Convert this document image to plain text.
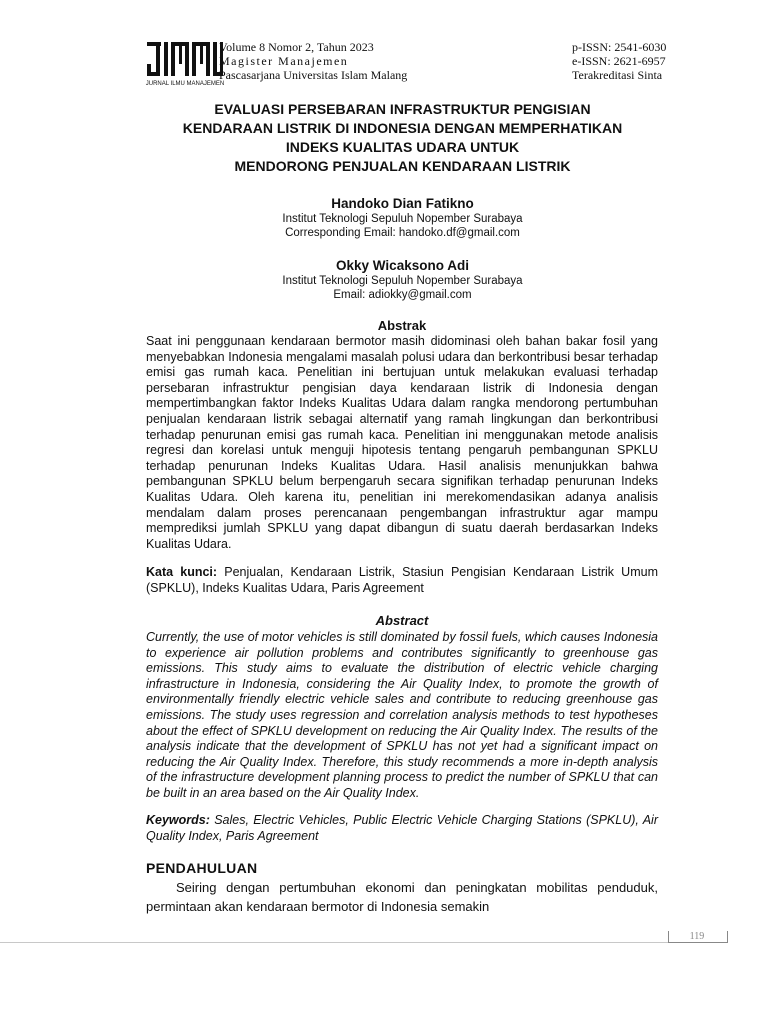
JURNAL ILMU MANAJEMEN
Volume 8 Nomor 2, Tahun 2023
Magister Manajemen
Pascasarjana Universitas Islam Malang
p-ISSN: 2541-6030
e-ISSN: 2621-6957
Terakreditasi Sinta
EVALUASI PERSEBARAN INFRASTRUKTUR PENGISIAN
KENDARAAN LISTRIK DI INDONESIA DENGAN MEMPERHATIKAN
INDEKS KUALITAS UDARA UNTUK
MENDORONG PENJUALAN KENDARAAN LISTRIK
Handoko Dian Fatikno
Institut Teknologi Sepuluh Nopember Surabaya
Corresponding Email: handoko.df@gmail.com
Okky Wicaksono Adi
Institut Teknologi Sepuluh Nopember Surabaya
Email: adiokky@gmail.com
Abstrak
Saat ini penggunaan kendaraan bermotor masih didominasi oleh bahan bakar fosil yang menyebabkan Indonesia mengalami masalah polusi udara dan berkontribusi besar terhadap emisi gas rumah kaca. Penelitian ini bertujuan untuk melakukan evaluasi terhadap persebaran infrastruktur pengisian daya kendaraan listrik di Indonesia dengan mempertimbangkan faktor Indeks Kualitas Udara dalam rangka mendorong pertumbuhan penjualan kendaraan listrik sebagai alternatif yang ramah lingkungan dan berkontribusi terhadap penurunan emisi gas rumah kaca. Penelitian ini menggunakan metode analisis regresi dan korelasi untuk menguji hipotesis tentang pengaruh pembangunan SPKLU terhadap penurunan Indeks Kualitas Udara. Hasil analisis menunjukkan bahwa pembangunan SPKLU belum berpengaruh secara signifikan terhadap penurunan Indeks Kualitas Udara. Oleh karena itu, penelitian ini merekomendasikan adanya analisis mendalam dalam proses perencanaan pengembangan infrastruktur agar mampu memprediksi jumlah SPKLU yang dapat dibangun di suatu daerah berdasarkan Indeks Kualitas Udara.
Kata kunci: Penjualan, Kendaraan Listrik, Stasiun Pengisian Kendaraan Listrik Umum (SPKLU), Indeks Kualitas Udara, Paris Agreement
Abstract
Currently, the use of motor vehicles is still dominated by fossil fuels, which causes Indonesia to experience air pollution problems and contributes significantly to greenhouse gas emissions. This study aims to evaluate the distribution of electric vehicle charging infrastructure in Indonesia, considering the Air Quality Index, to promote the growth of environmentally friendly electric vehicle sales and contribute to reducing greenhouse gas emissions. The study uses regression and correlation analysis methods to test hypotheses about the effect of SPKLU development on reducing the Air Quality Index. The results of the analysis indicate that the development of SPKLU has not yet had a significant impact on reducing the Air Quality Index. Therefore, this study recommends a more in-depth analysis of the infrastructure development planning process to predict the number of SPKLU that can be built in an area based on the Air Quality Index.
Keywords: Sales, Electric Vehicles, Public Electric Vehicle Charging Stations (SPKLU), Air Quality Index, Paris Agreement
PENDAHULUAN
Seiring dengan pertumbuhan ekonomi dan peningkatan mobilitas penduduk, permintaan akan kendaraan bermotor di Indonesia semakin
119
